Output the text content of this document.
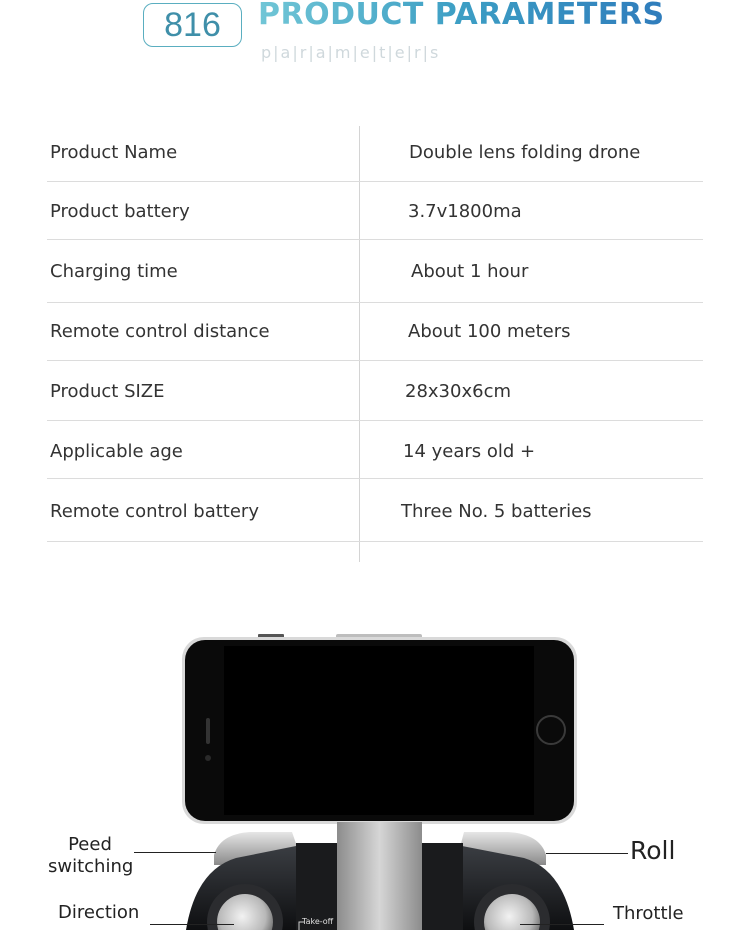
816	PRODUCT PARAMETERS
p|a|r|a|m|e|t|e|r|s
Product Name	Double lens folding drone
Product battery	3.7v1800ma
Charging time	About 1 hour
Remote control distance	About 100 meters
Product SIZE	28x30x6cm
Applicable age	14 years old +
Remote control battery	Three No. 5 batteries
Peed
switching
Roll
Direction	Throttle
Take-off
